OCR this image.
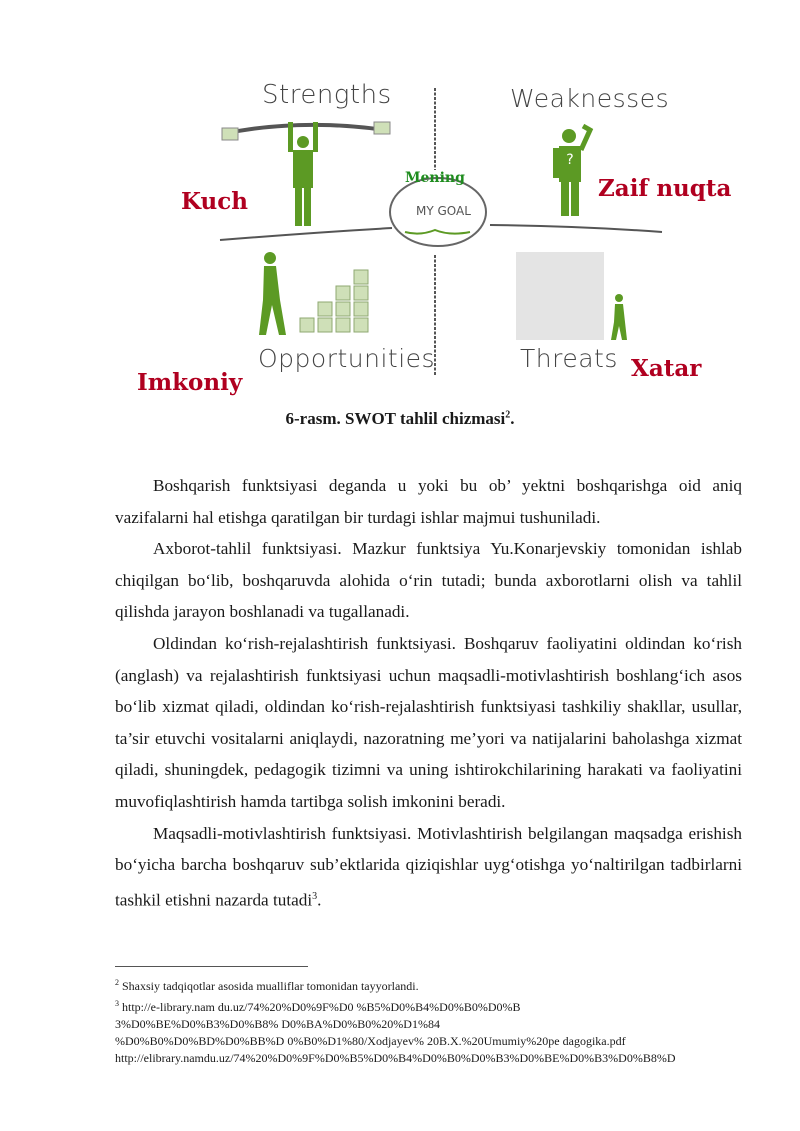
?
Strengths	Weaknesses
Opportunities	Threats
Mening
MY GOAL
Kuch	Zaif nuqta
Imkoniy
Xatar
6-rasm. SWOT tahlil chizmasi$^2$.

Boshqarish funktsiyasi deganda u yoki bu ob’ yektni boshqarishga oid aniq vazifalarni hal etishga qaratilgan bir turdagi ishlar majmui tushuniladi.

Axborot-tahlil funktsiyasi. Mazkur funktsiya Yu.Konarjevskiy tomonidan ishlab chiqilgan bo‘lib, boshqaruvda alohida o‘rin tutadi; bunda axborotlarni olish va tahlil qilishda jarayon boshlanadi va tugallanadi.

Oldindan ko‘rish-rejalashtirish funktsiyasi. Boshqaruv faoliyatini oldindan ko‘rish (anglash) va rejalashtirish funktsiyasi uchun maqsadli-motivlashtirish boshlang‘ich asos bo‘lib xizmat qiladi, oldindan ko‘rish-rejalashtirish funktsiyasi tashkiliy shakllar, usullar, ta’sir etuvchi vositalarni aniqlaydi, nazoratning me’yori va natijalarini baholashga xizmat qiladi, shuningdek, pedagogik tizimni va uning ishtirokchilarining harakati va faoliyatini muvofiqlashtirish hamda tartibga solish imkonini beradi.

Maqsadli-motivlashtirish funktsiyasi. Motivlashtirish belgilangan maqsadga erishish bo‘yicha barcha boshqaruv sub’ektlarida qiziqishlar uyg‘otishga yo‘naltirilgan tadbirlarni tashkil etishni nazarda tutadi$^3$.

$^2$ Shaxsiy tadqiqotlar asosida mualliflar tomonidan tayyorlandi.
$^3$ http://e-library.nam du.uz/74%20%D0%9F%D0 %B5%D0%B4%D0%B0%D0%B
3%D0%BE%D0%B3%D0%B8% D0%BA%D0%B0%20%D1%84
%D0%B0%D0%BD%D0%BB%D 0%B0%D1%80/Xodjayev% 20B.X.%20Umumiy%20pe dagogika.pdf
http://elibrary.namdu.uz/74%20%D0%9F%D0%B5%D0%B4%D0%B0%D0%B3%D0%BE%D0%B3%D0%B8%D
